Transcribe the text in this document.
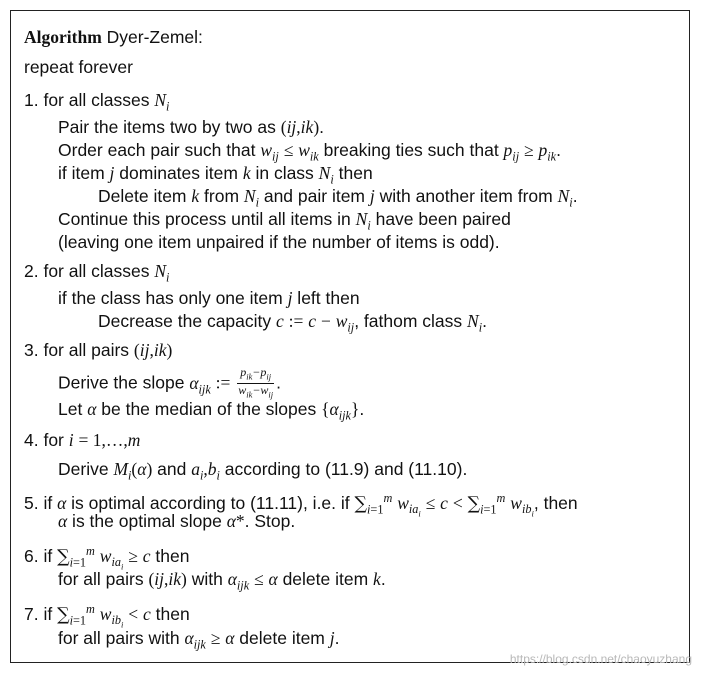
Algorithm Dyer-Zemel:
repeat forever
1. for all classes $N_i$
Pair the items two by two as (ij,ik).
Order each pair such that $w_{ij} \le w_{ik}$ breaking ties such that $p_{ij} \ge p_{ik}$.
if item j dominates item k in class $N_i$ then
Delete item k from $N_i$ and pair item j with another item from $N_i$.
Continue this process until all items in $N_i$ have been paired
(leaving one item unpaired if the number of items is odd).
2. for all classes $N_i$
if the class has only one item j left then
Decrease the capacity c := $c - w_{ij}$, fathom class $N_i$.
3. for all pairs (ij,ik)
Derive the slope $\alpha_{ijk}$ := $\frac{p_{ik}-p_{ij}}{w_{ik}-w_{ij}}$ .
Let α be the median of the slopes $\{\alpha_{ijk}\}$.
4. for i = 1,…,m
Derive $M_i(\alpha)$ and $a_i,b_i$ according to (11.9) and (11.10).
5. if α is optimal according to (11.11), i.e. if $\sum_{i=1}^m$ $w_{ia_i} \le c < \sum_{i=1}^m$ $w_{ib_i}$, then
α is the optimal slope α*. Stop.
6. if $\sum_{i=1}^m$ $w_{ia_i} \ge c$ then
for all pairs (ij,ik) with $\alpha_{ijk} \le \alpha$ delete item k.
7. if $\sum_{i=1}^m$ $w_{ib_i} < c$ then
for all pairs with $\alpha_{ijk} \ge \alpha$ delete item j.
https://blog.csdn.net/chaoyuzhang
